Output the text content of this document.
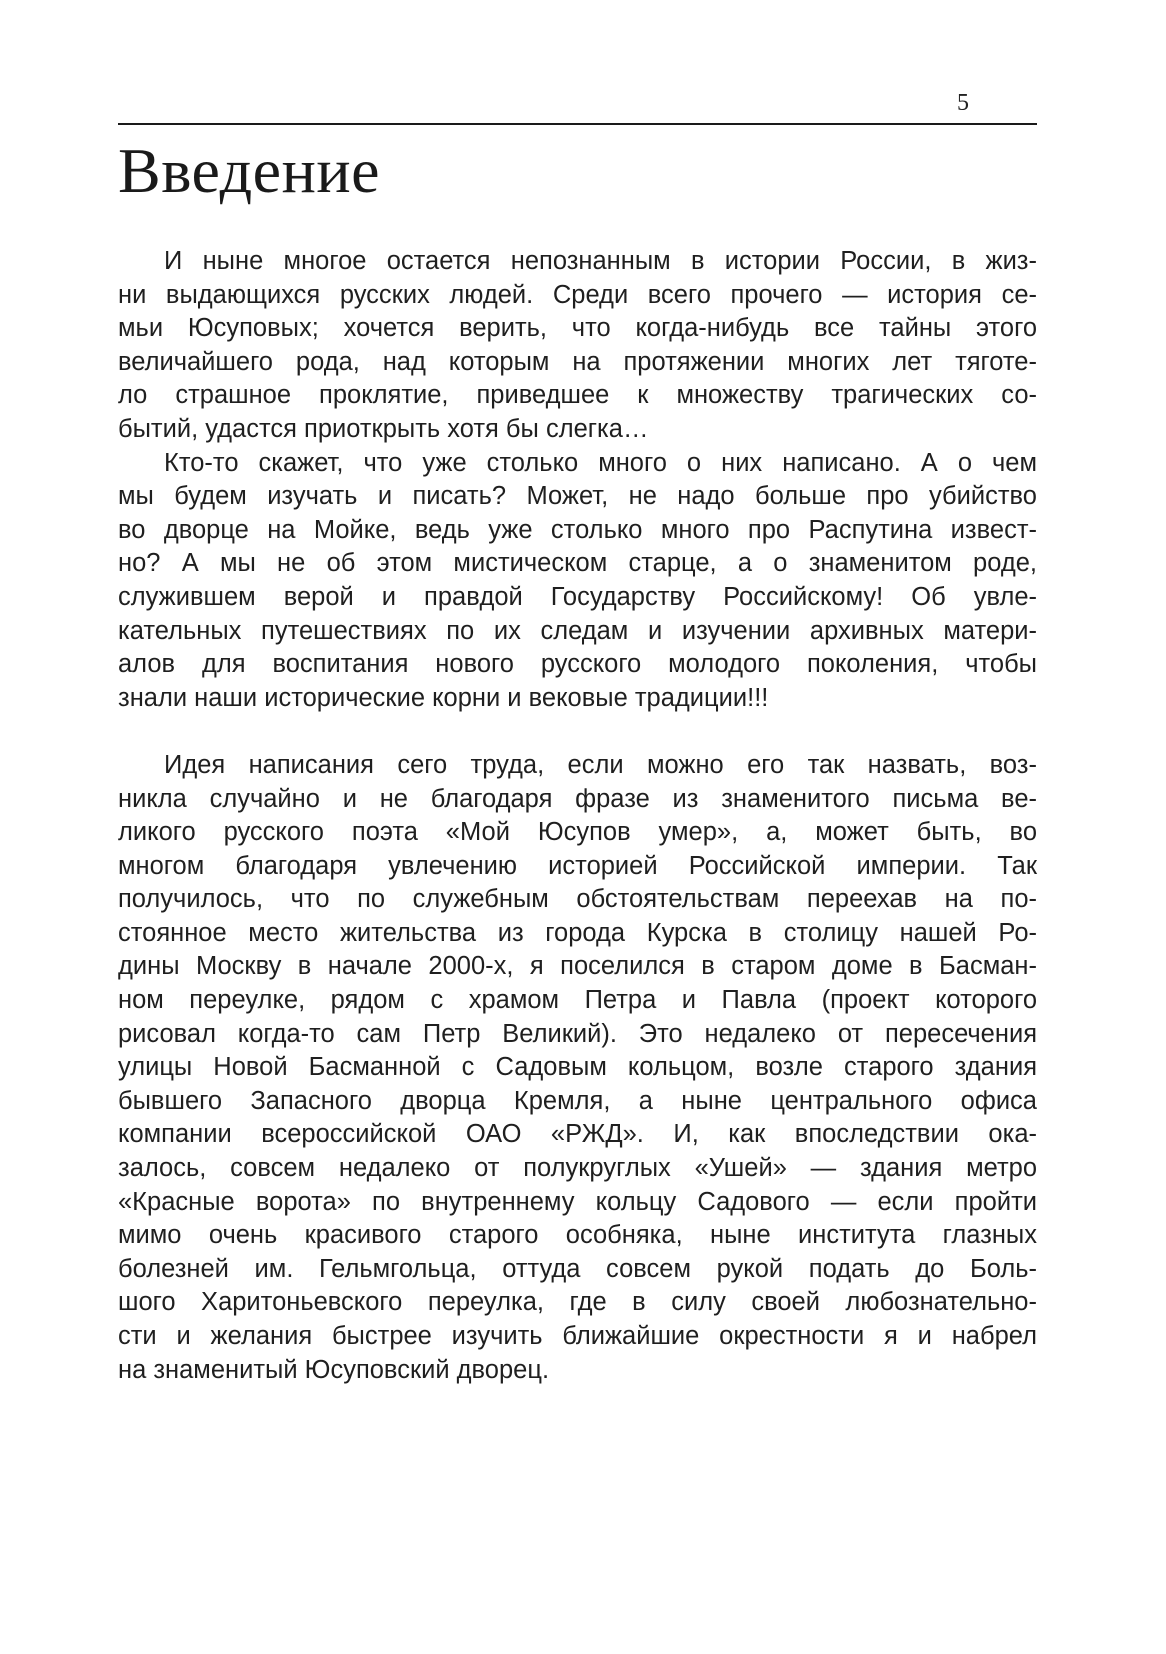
5
Введение
И ныне многое остается непознанным в истории России, в жиз-
ни выдающихся русских людей. Среди всего прочего — история се-
мьи Юсуповых; хочется верить, что когда-нибудь все тайны этого
величайшего рода, над которым на протяжении многих лет тяготе-
ло страшное проклятие, приведшее к множеству трагических со-
бытий, удастся приоткрыть хотя бы слегка…
Кто-то скажет, что уже столько много о них написано. А о чем
мы будем изучать и писать? Может, не надо больше про убийство
во дворце на Мойке, ведь уже столько много про Распутина извест-
но? А мы не об этом мистическом старце, а о знаменитом роде,
служившем верой и правдой Государству Российскому! Об увле-
кательных путешествиях по их следам и изучении архивных матери-
алов для воспитания нового русского молодого поколения, чтобы
знали наши исторические корни и вековые традиции!!!
Идея написания сего труда, если можно его так назвать, воз-
никла случайно и не благодаря фразе из знаменитого письма ве-
ликого русского поэта «Мой Юсупов умер», а, может быть, во
многом благодаря увлечению историей Российской империи. Так
получилось, что по служебным обстоятельствам переехав на по-
стоянное место жительства из города Курска в столицу нашей Ро-
дины Москву в начале 2000-х, я поселился в старом доме в Басман-
ном переулке, рядом с храмом Петра и Павла (проект которого
рисовал когда-то сам Петр Великий). Это недалеко от пересечения
улицы Новой Басманной с Садовым кольцом, возле старого здания
бывшего Запасного дворца Кремля, а ныне центрального офиса
компании всероссийской ОАО «РЖД». И, как впоследствии ока-
залось, совсем недалеко от полукруглых «Ушей» — здания метро
«Красные ворота» по внутреннему кольцу Садового — если пройти
мимо очень красивого старого особняка, ныне института глазных
болезней им. Гельмгольца, оттуда совсем рукой подать до Боль-
шого Харитоньевского переулка, где в силу своей любознательно-
сти и желания быстрее изучить ближайшие окрестности я и набрел
на знаменитый Юсуповский дворец.
